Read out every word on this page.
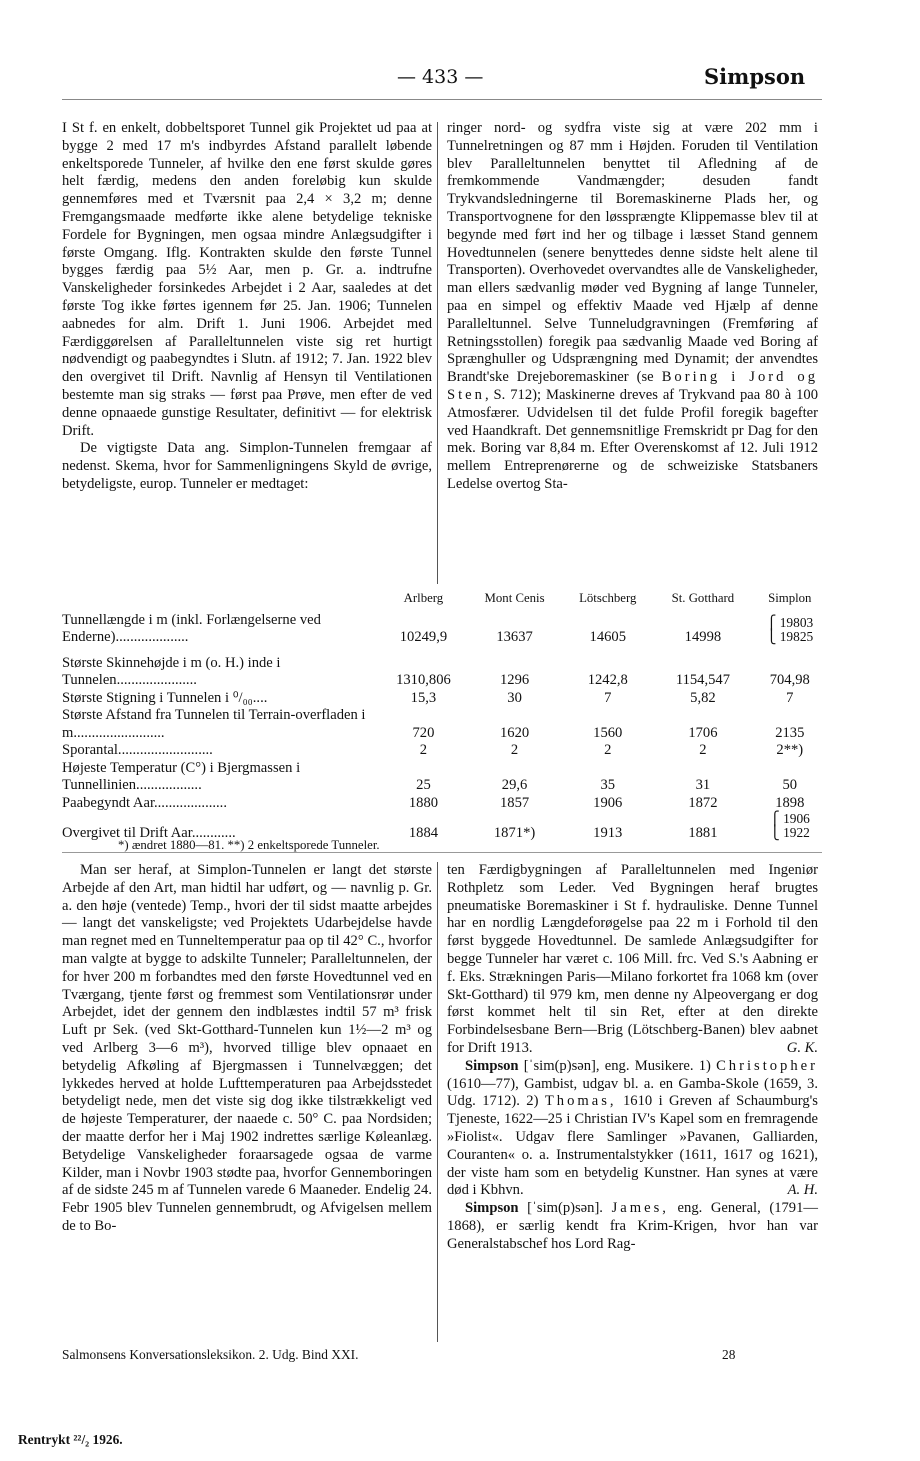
— 433 —	Simpson

I St f. en enkelt, dobbeltsporet Tunnel gik Projektet ud paa at bygge 2 med 17 m's indbyrdes Afstand parallelt løbende enkeltsporede Tunneler, af hvilke den ene først skulde gøres helt færdig, medens den anden foreløbig kun skulde gennemføres med et Tværsnit paa 2,4 × 3,2 m; denne Fremgangsmaade medførte ikke alene betydelige tekniske Fordele for Bygningen, men ogsaa mindre Anlægsudgifter i første Omgang. Iflg. Kontrakten skulde den første Tunnel bygges færdig paa 5½ Aar, men p. Gr. a. indtrufne Vanskeligheder forsinkedes Arbejdet i 2 Aar, saaledes at det første Tog ikke førtes igennem før 25. Jan. 1906; Tunnelen aabnedes for alm. Drift 1. Juni 1906. Arbejdet med Færdiggørelsen af Paralleltunnelen viste sig ret hurtigt nødvendigt og paabegyndtes i Slutn. af 1912; 7. Jan. 1922 blev den overgivet til Drift. Navnlig af Hensyn til Ventilationen bestemte man sig straks — først paa Prøve, men efter de ved denne opnaaede gunstige Resultater, definitivt — for elektrisk Drift.

De vigtigste Data ang. Simplon-Tunnelen fremgaar af nedenst. Skema, hvor for Sammenligningens Skyld de øvrige, betydeligste, europ. Tunneler er medtaget:

ringer nord- og sydfra viste sig at være 202 mm i Tunnelretningen og 87 mm i Højden. Foruden til Ventilation blev Paralleltunnelen benyttet til Afledning af de fremkommende Vandmængder; desuden fandt Trykvandsledningerne til Boremaskinerne Plads her, og Transportvognene for den løssprængte Klippemasse blev til at begynde med ført ind her og tilbage i læsset Stand gennem Hovedtunnelen (senere benyttedes denne sidste helt alene til Transporten). Overhovedet overvandtes alle de Vanskeligheder, man ellers sædvanlig møder ved Bygning af lange Tunneler, paa en simpel og effektiv Maade ved Hjælp af denne Paralleltunnel. Selve Tunneludgravningen (Fremføring af Retningsstollen) foregik paa sædvanlig Maade ved Boring af Sprænghuller og Udsprængning med Dynamit; der anvendtes Brandt'ske Drejeboremaskiner (se Boring i Jord og Sten, S. 712); Maskinerne dreves af Trykvand paa 80 à 100 Atmosfærer. Udvidelsen til det fulde Profil foregik bagefter ved Haandkraft. Det gennemsnitlige Fremskridt pr Dag for den mek. Boring var 8,84 m. Efter Overenskomst af 12. Juli 1912 mellem Entreprenørerne og de schweiziske Statsbaners Ledelse overtog Sta-

	Arlberg	Mont Cenis	Lötschberg	St. Gotthard	Simplon
Tunnellængde i m (inkl. Forlængelserne ved Enderne)....................	10249,9	13637	14605	14998	⎧ 19803
⎩ 19825

Største Skinnehøjde i m (o. H.) inde i Tunnelen......................	1310,806	1296	1242,8	1154,547	704,98
Største Stigning i Tunnelen i ⁰/₀₀....	15,3	30	7	5,82	7
Største Afstand fra Tunnelen til Terrain-overfladen i m.........................	720	1620	1560	1706	2135
Sporantal..........................	2	2	2	2	2**)
Højeste Temperatur (C°) i Bjergmassen i Tunnellinien..................	25	29,6	35	31	50
Paabegyndt Aar....................	1880	1857	1906	1872	1898
Overgivet til Drift Aar............	1884	1871*)	1913	1881	⎧ 1906
⎩ 1922
*) ændret 1880—81. **) 2 enkeltsporede Tunneler.

Man ser heraf, at Simplon-Tunnelen er langt det største Arbejde af den Art, man hidtil har udført, og — navnlig p. Gr. a. den høje (ventede) Temp., hvori der til sidst maatte arbejdes — langt det vanskeligste; ved Projektets Udarbejdelse havde man regnet med en Tunneltemperatur paa op til 42° C., hvorfor man valgte at bygge to adskilte Tunneler; Paralleltunnelen, der for hver 200 m forbandtes med den første Hovedtunnel ved en Tværgang, tjente først og fremmest som Ventilationsrør under Arbejdet, idet der gennem den indblæstes indtil 57 m³ frisk Luft pr Sek. (ved Skt-Gotthard-Tunnelen kun 1½—2 m³ og ved Arlberg 3—6 m³), hvorved tillige blev opnaaet en betydelig Afkøling af Bjergmassen i Tunnelvæggen; det lykkedes herved at holde Lufttemperaturen paa Arbejdsstedet betydeligt nede, men det viste sig dog ikke tilstrækkeligt ved de højeste Temperaturer, der naaede c. 50° C. paa Nordsiden; der maatte derfor her i Maj 1902 indrettes særlige Køleanlæg. Betydelige Vanskeligheder foraarsagede ogsaa de varme Kilder, man i Novbr 1903 stødte paa, hvorfor Gennemboringen af de sidste 245 m af Tunnelen varede 6 Maaneder. Endelig 24. Febr 1905 blev Tunnelen gennembrudt, og Afvigelsen mellem de to Bo-

ten Færdigbygningen af Paralleltunnelen med Ingeniør Rothpletz som Leder. Ved Bygningen heraf brugtes pneumatiske Boremaskiner i St f. hydrauliske. Denne Tunnel har en nordlig Længdeforøgelse paa 22 m i Forhold til den først byggede Hovedtunnel. De samlede Anlægsudgifter for begge Tunneler har været c. 106 Mill. frc. Ved S.'s Aabning er f. Eks. Strækningen Paris—Milano forkortet fra 1068 km (over Skt-Gotthard) til 979 km, men denne ny Alpeovergang er dog først kommet helt til sin Ret, efter at den direkte Forbindelsesbane Bern—Brig (Lötschberg-Banen) blev aabnet for Drift 1913.	G. K.

Simpson [ˈsim(p)sən], eng. Musikere. 1) Christopher (1610—77), Gambist, udgav bl. a. en Gamba-Skole (1659, 3. Udg. 1712). 2) Thomas, 1610 i Greven af Schaumburg's Tjeneste, 1622—25 i Christian IV's Kapel som en fremragende »Fiolist«. Udgav flere Samlinger »Pavanen, Galliarden, Couranten« o. a. Instrumentalstykker (1611, 1617 og 1621), der viste ham som en betydelig Kunstner. Han synes at være død i Kbhvn.	A. H.

Simpson [ˈsim(p)sən]. James, eng. General, (1791—1868), er særlig kendt fra Krim-Krigen, hvor han var Generalstabschef hos Lord Rag-

Salmonsens Konversationsleksikon. 2. Udg. Bind XXI.	28
Rentrykt ²²/₂ 1926.
